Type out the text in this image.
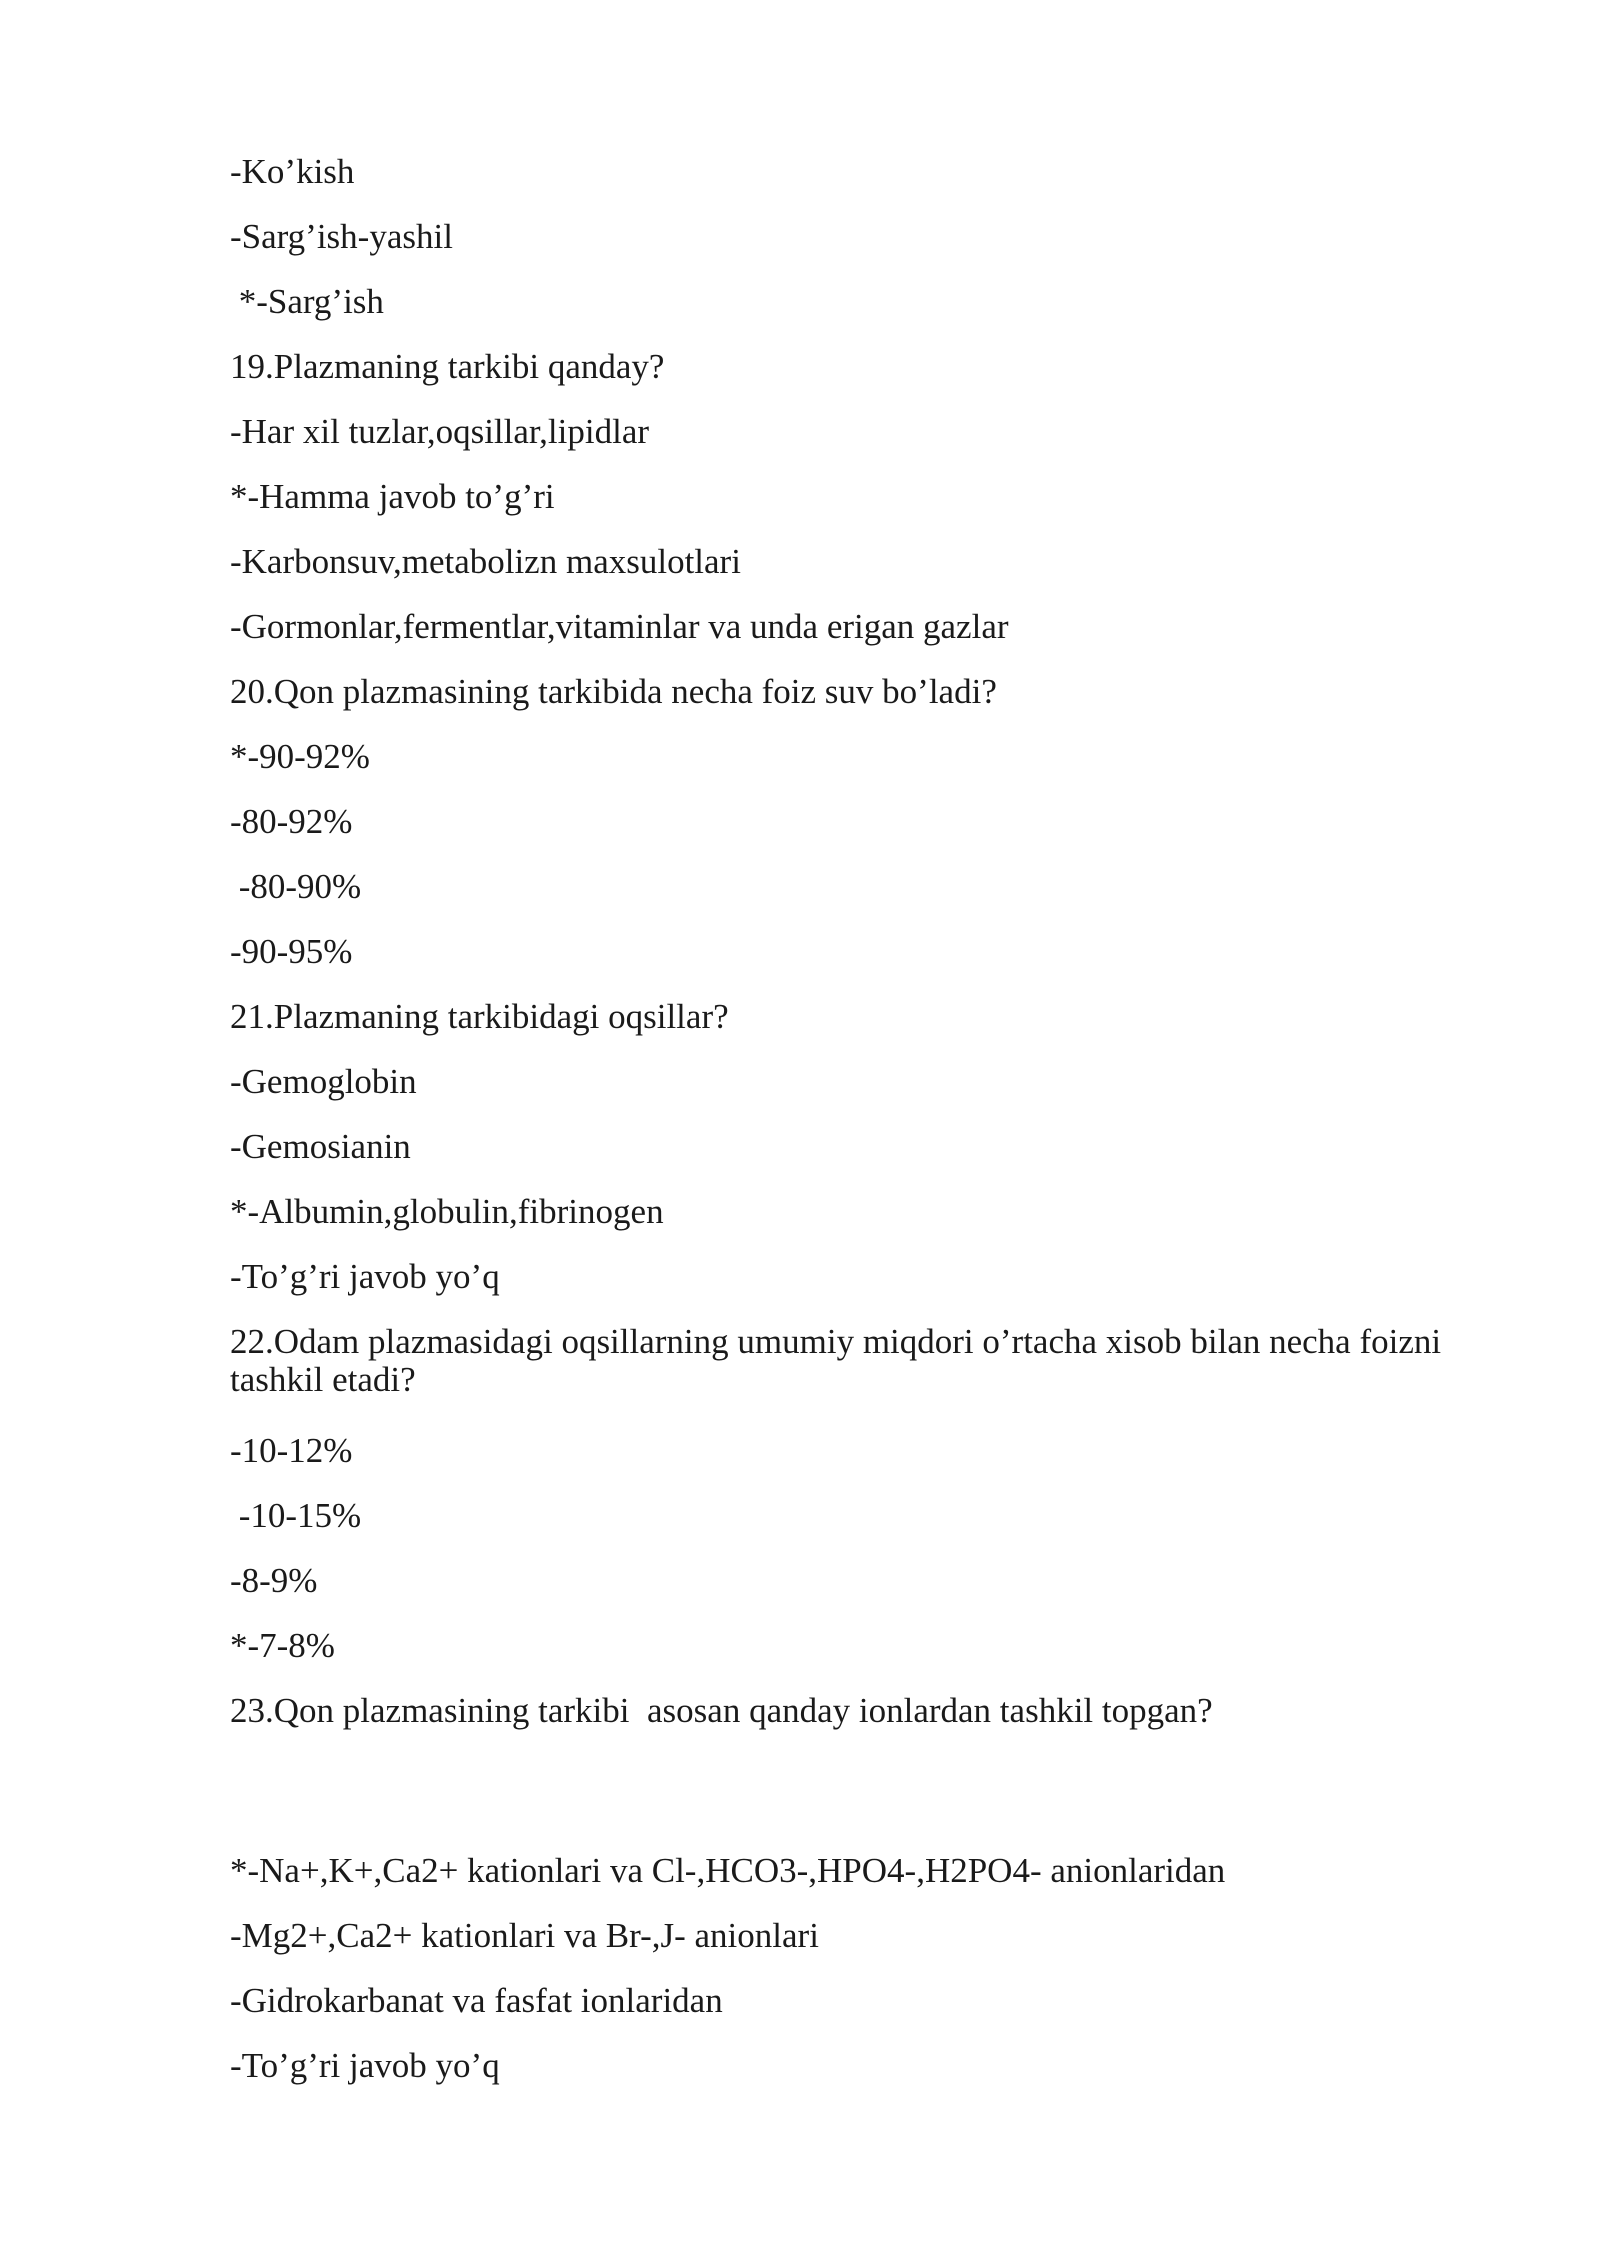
-Ko’kish

-Sarg’ish-yashil

*-Sarg’ish

19.Plazmaning tarkibi qanday?

-Har xil tuzlar,oqsillar,lipidlar

*-Hamma javob to’g’ri

-Karbonsuv,metabolizn maxsulotlari

-Gormonlar,fermentlar,vitaminlar va unda erigan gazlar

20.Qon plazmasining tarkibida necha foiz suv bo’ladi?

*-90-92%

-80-92%

-80-90%

-90-95%

21.Plazmaning tarkibidagi oqsillar?

-Gemoglobin

-Gemosianin

*-Albumin,globulin,fibrinogen

-To’g’ri javob yo’q

22.Odam plazmasidagi oqsillarning umumiy miqdori o’rtacha xisob bilan necha foizni tashkil etadi?

-10-12%

-10-15%

-8-9%

*-7-8%

23.Qon plazmasining tarkibi  asosan qanday ionlardan tashkil topgan?

*-Na+,K+,Ca2+ kationlari va Cl-,HCO3-,HPO4-,H2PO4- anionlaridan

-Mg2+,Ca2+ kationlari va Br-,J- anionlari

-Gidrokarbanat va fasfat ionlaridan

-To’g’ri javob yo’q
